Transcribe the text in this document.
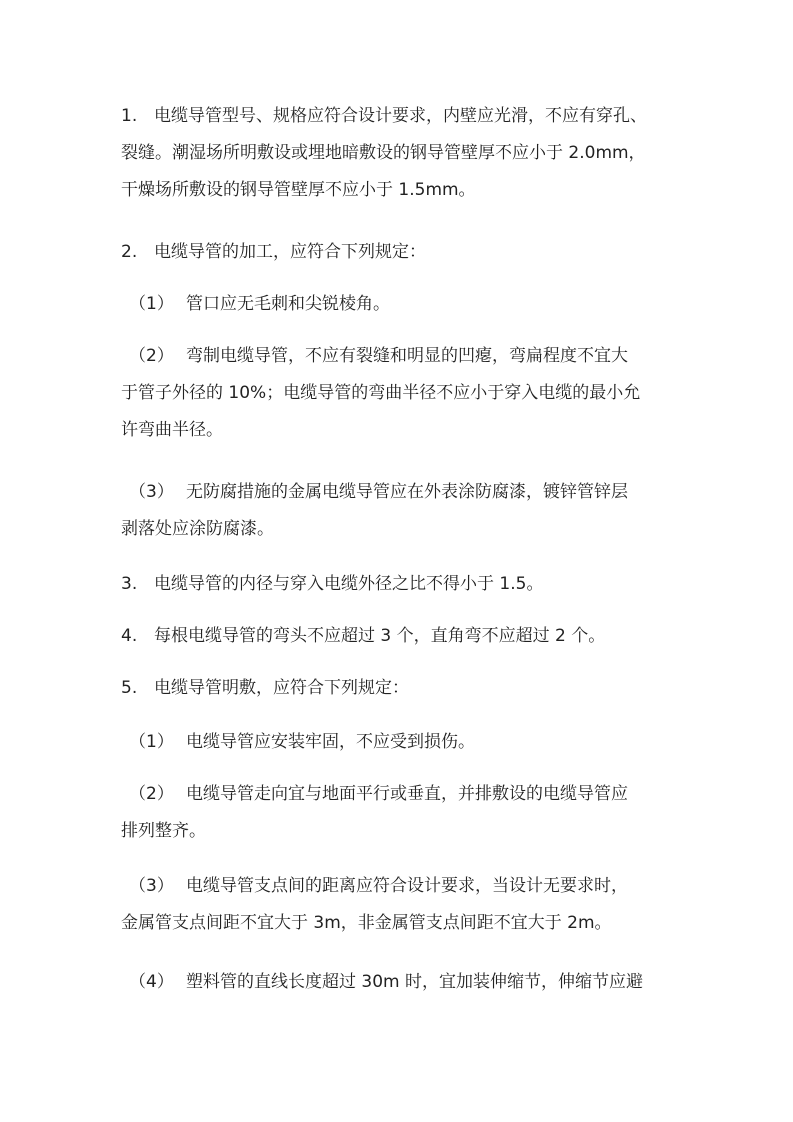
1. 电缆导管型号、规格应符合设计要求，内壁应光滑，不应有穿孔、
裂缝。潮湿场所明敷设或埋地暗敷设的钢导管壁厚不应小于 2.0mm，
干燥场所敷设的钢导管壁厚不应小于 1.5mm。
2. 电缆导管的加工，应符合下列规定：
（1） 管口应无毛刺和尖锐棱角。
（2） 弯制电缆导管，不应有裂缝和明显的凹瘪，弯扁程度不宜大
于管子外径的 10%；电缆导管的弯曲半径不应小于穿入电缆的最小允
许弯曲半径。
（3） 无防腐措施的金属电缆导管应在外表涂防腐漆，镀锌管锌层
剥落处应涂防腐漆。
3. 电缆导管的内径与穿入电缆外径之比不得小于 1.5。
4. 每根电缆导管的弯头不应超过 3 个，直角弯不应超过 2 个。
5. 电缆导管明敷，应符合下列规定：
（1） 电缆导管应安装牢固，不应受到损伤。
（2） 电缆导管走向宜与地面平行或垂直，并排敷设的电缆导管应
排列整齐。
（3） 电缆导管支点间的距离应符合设计要求，当设计无要求时，
金属管支点间距不宜大于 3m，非金属管支点间距不宜大于 2m。
（4） 塑料管的直线长度超过 30m 时，宜加装伸缩节，伸缩节应避
